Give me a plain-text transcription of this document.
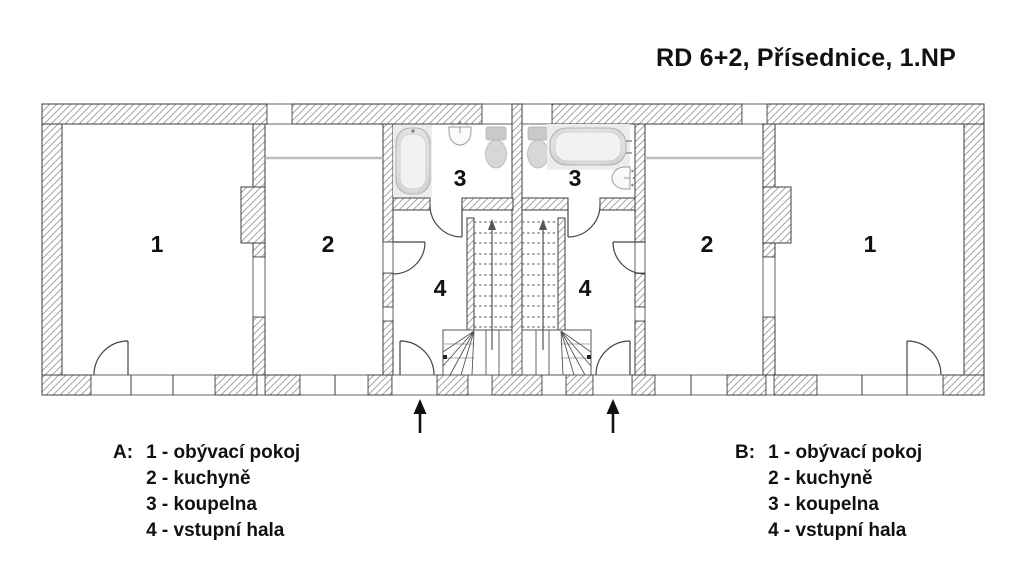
RD 6+2, Přísednice, 1.NP
1	2
3
4
3
4
2	1
A: 1 - obývací pokoj
2 - kuchyně
3 - koupelna
4 - vstupní hala
B: 1 - obývací pokoj
2 - kuchyně
3 - koupelna
4 - vstupní hala
